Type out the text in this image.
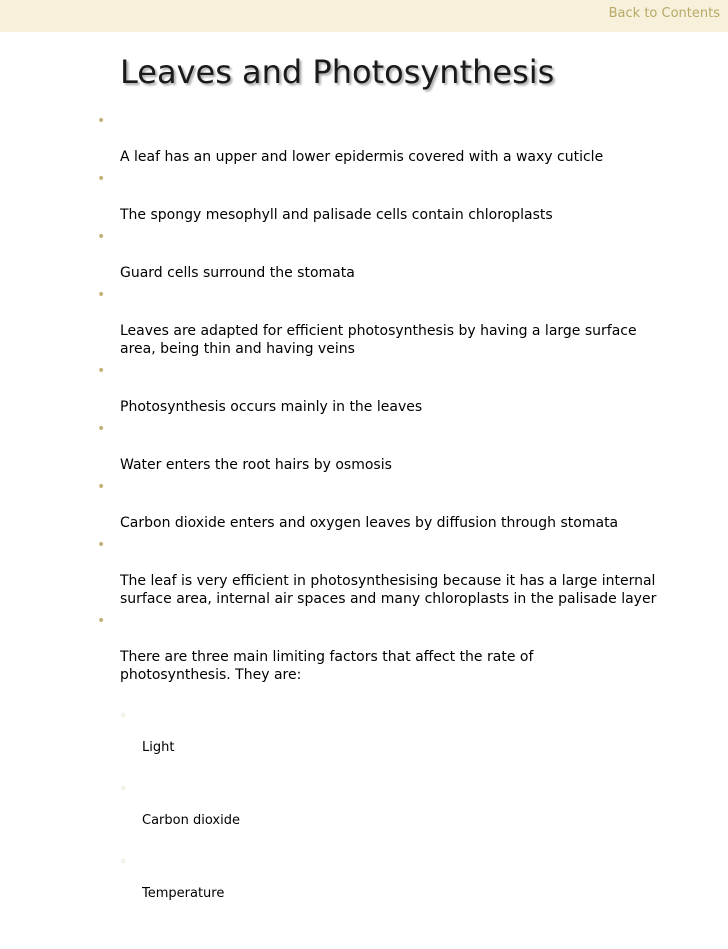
Back to Contents
Leaves and Photosynthesis

•

A leaf has an upper and lower epidermis covered with a waxy cuticle

•

The spongy mesophyll and palisade cells contain chloroplasts

•

Guard cells surround the stomata

•

Leaves are adapted for efficient photosynthesis by having a large surface
area, being thin and having veins

•

Photosynthesis occurs mainly in the leaves

•

Water enters the root hairs by osmosis

•

Carbon dioxide enters and oxygen leaves by diffusion through stomata

•

The leaf is very efficient in photosynthesising because it has a large internal
surface area, internal air spaces and many chloroplasts in the palisade layer

•

There are three main limiting factors that affect the rate of
photosynthesis. They are:

◦

Light

◦

Carbon dioxide

◦

Temperature
